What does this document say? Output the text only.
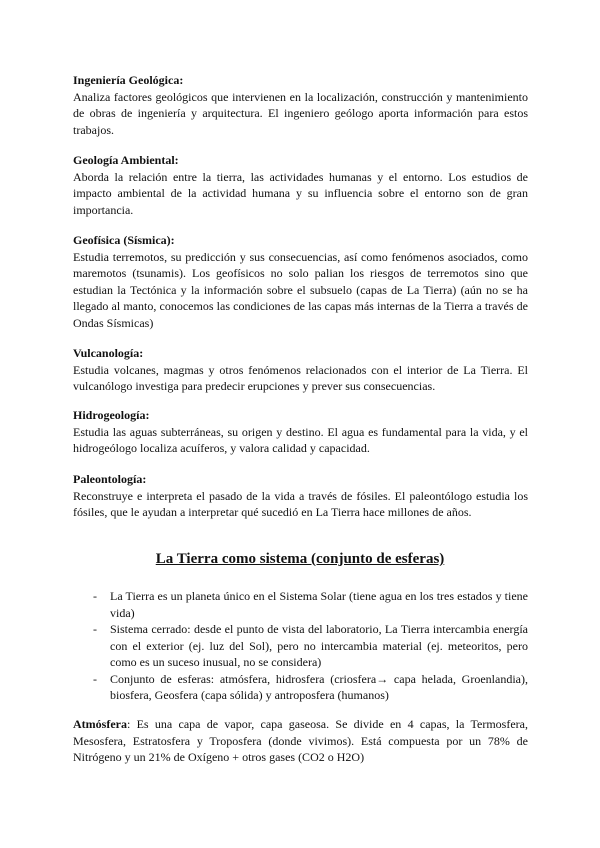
Ingeniería Geológica:
Analiza factores geológicos que intervienen en la localización, construcción y mantenimiento de obras de ingeniería y arquitectura. El ingeniero geólogo aporta información para estos trabajos.
Geología Ambiental:
Aborda la relación entre la tierra, las actividades humanas y el entorno. Los estudios de impacto ambiental de la actividad humana y su influencia sobre el entorno son de gran importancia.
Geofísica (Sísmica):
Estudia terremotos, su predicción y sus consecuencias, así como fenómenos asociados, como maremotos (tsunamis). Los geofísicos no solo palian los riesgos de terremotos sino que estudian la Tectónica y la información sobre el subsuelo (capas de La Tierra) (aún no se ha llegado al manto, conocemos las condiciones de las capas más internas de la Tierra a través de Ondas Sísmicas)
Vulcanología:
Estudia volcanes, magmas y otros fenómenos relacionados con el interior de La Tierra. El vulcanólogo investiga para predecir erupciones y prever sus consecuencias.
Hidrogeología:
Estudia las aguas subterráneas, su origen y destino. El agua es fundamental para la vida, y el hidrogeólogo localiza acuíferos, y valora calidad y capacidad.
Paleontología:
Reconstruye e interpreta el pasado de la vida a través de fósiles. El paleontólogo estudia los fósiles, que le ayudan a interpretar qué sucedió en La Tierra hace millones de años.
La Tierra como sistema (conjunto de esferas)
- La Tierra es un planeta único en el Sistema Solar (tiene agua en los tres estados y tiene vida)
- Sistema cerrado: desde el punto de vista del laboratorio, La Tierra intercambia energía con el exterior (ej. luz del Sol), pero no intercambia material (ej. meteoritos, pero como es un suceso inusual, no se considera)
- Conjunto de esferas: atmósfera, hidrosfera (criosfera→ capa helada, Groenlandia), biosfera, Geosfera (capa sólida) y antroposfera (humanos)
Atmósfera: Es una capa de vapor, capa gaseosa. Se divide en 4 capas, la Termosfera, Mesosfera, Estratosfera y Troposfera (donde vivimos). Está compuesta por un 78% de Nitrógeno y un 21% de Oxígeno + otros gases (CO2 o H2O)
